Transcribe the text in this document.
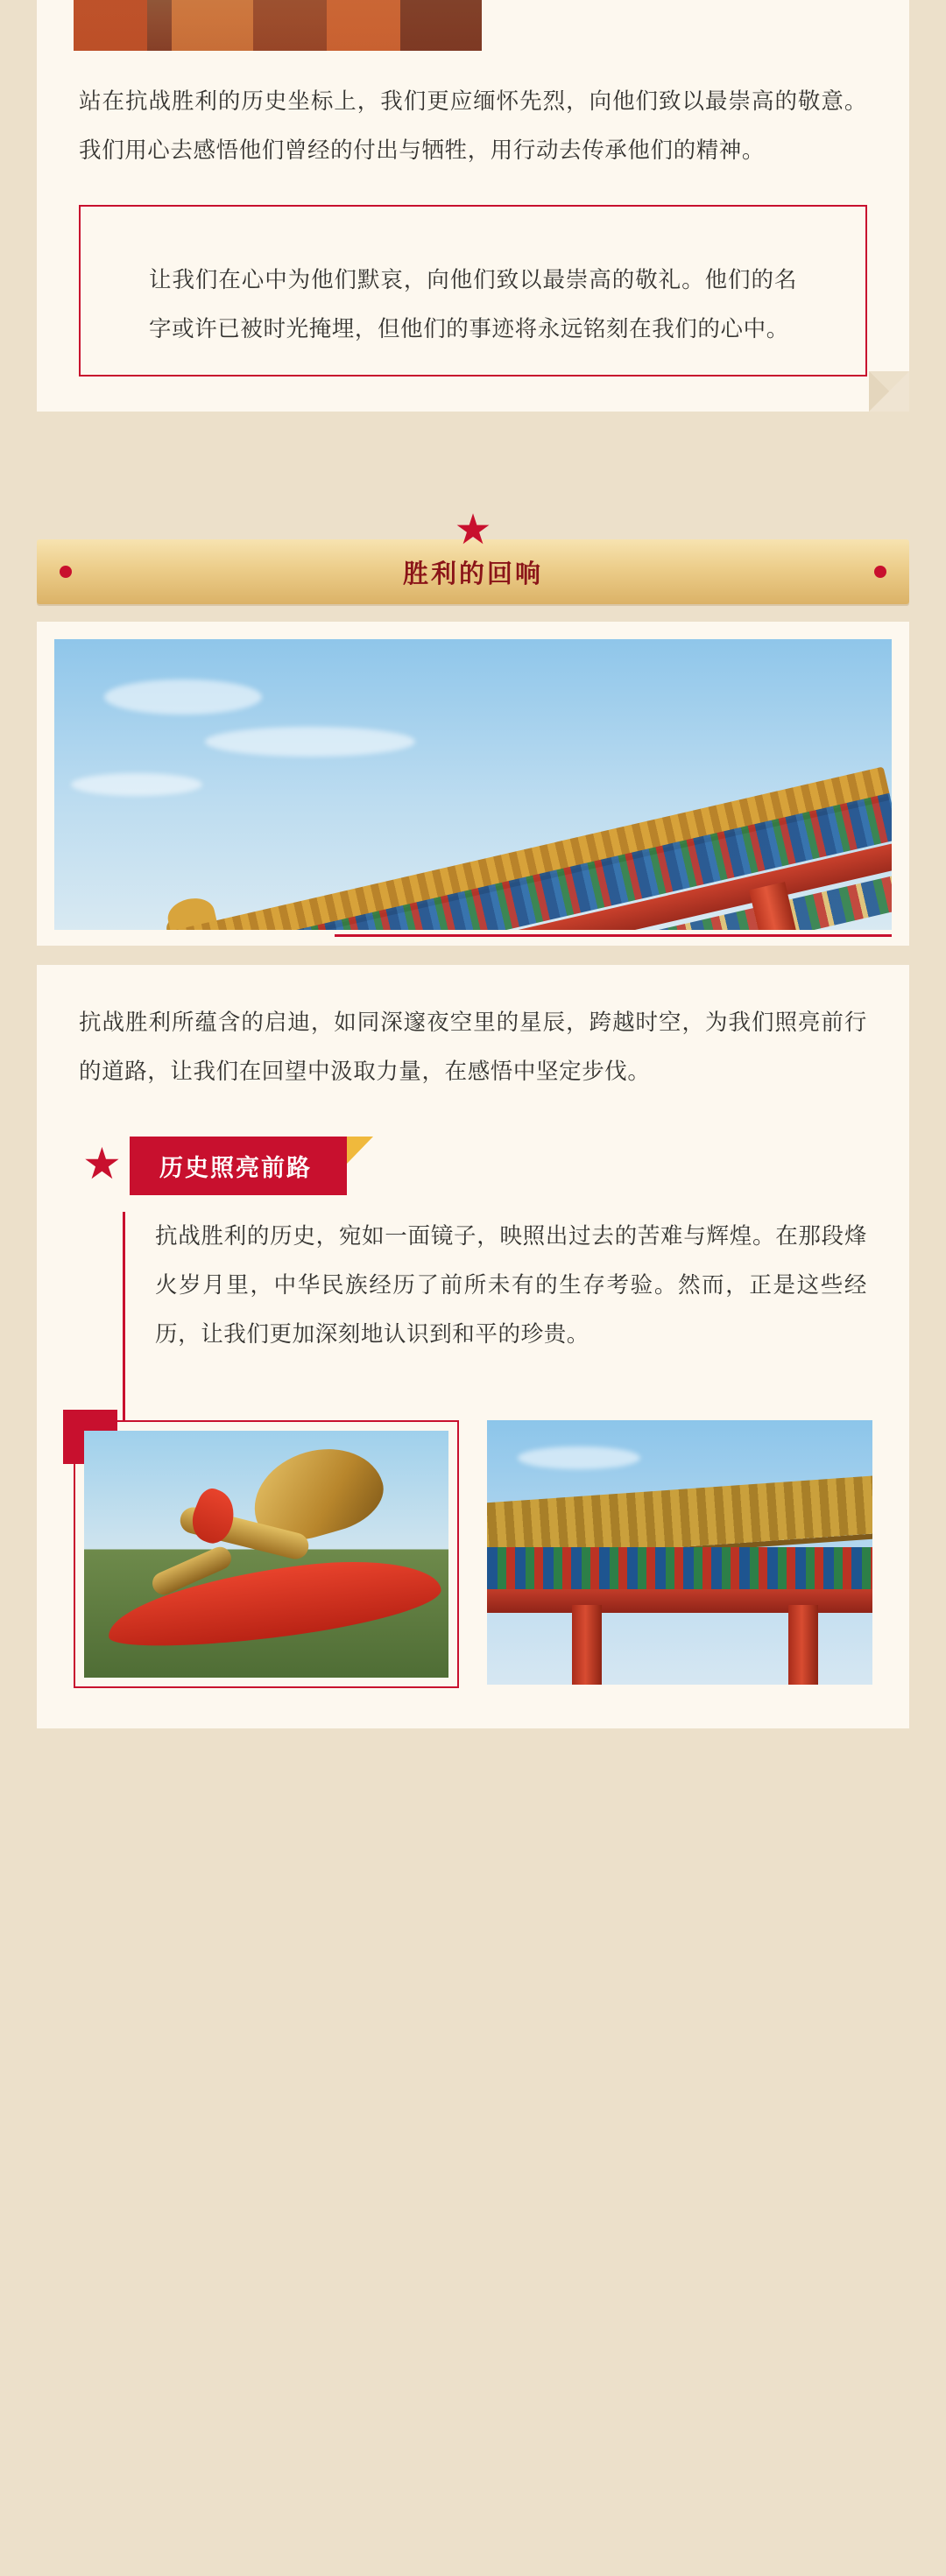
站在抗战胜利的历史坐标上，我们更应缅怀先烈，向他们致以最崇高的敬意。我们用心去感悟他们曾经的付出与牺牲，用行动去传承他们的精神。

让我们在心中为他们默哀，向他们致以最崇高的敬礼。他们的名字或许已被时光掩埋，但他们的事迹将永远铭刻在我们的心中。

★
胜利的回响

抗战胜利所蕴含的启迪，如同深邃夜空里的星辰，跨越时空，为我们照亮前行的道路，让我们在回望中汲取力量，在感悟中坚定步伐。

★ 历史照亮前路

抗战胜利的历史，宛如一面镜子，映照出过去的苦难与辉煌。在那段烽火岁月里，中华民族经历了前所未有的生存考验。然而，正是这些经历，让我们更加深刻地认识到和平的珍贵。
